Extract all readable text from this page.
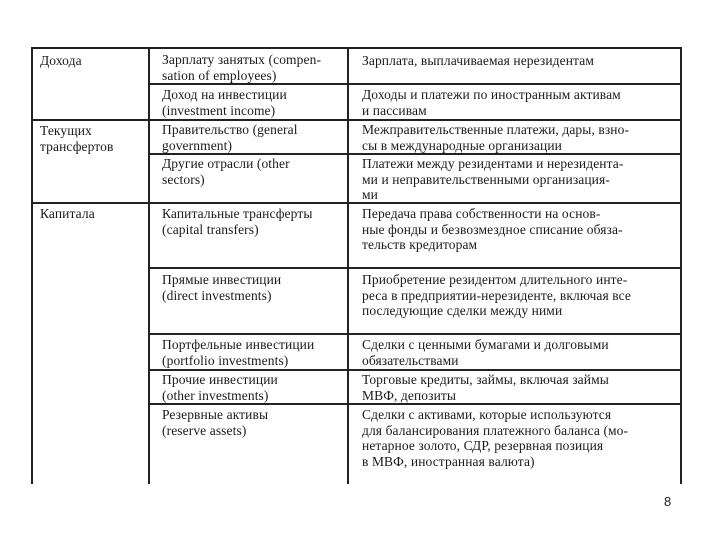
Дохода	Зарплату занятых (compen-
sation of employees)
Зарплата, выплачиваемая нерезидентам
Доход на инвестиции
(investment income)
Доходы и платежи по иностранным активам
и пассивам
Текущих
трансфертов
Правительство (general
government)
Межправительственные платежи, дары, взно-
сы в международные организации
Другие отрасли (other
sectors)
Платежи между резидентами и нерезидента-
ми и неправительственными организация-
ми
Капитала	Капитальные трансферты
(capital transfers)
Передача права собственности на основ-
ные фонды и безвозмездное списание обяза-
тельств кредиторам
Прямые инвестиции
(direct investments)
Приобретение резидентом длительного инте-
реса в предприятии-нерезиденте, включая все
последующие сделки между ними
Портфельные инвестиции
(portfolio investments)
Сделки с ценными бумагами и долговыми
обязательствами
Прочие инвестиции
(other investments)
Торговые кредиты, займы, включая займы
МВФ, депозиты
Резервные активы
(reserve assets)
Сделки с активами, которые используются
для балансирования платежного баланса (мо-
нетарное золото, СДР, резервная позиция
в МВФ, иностранная валюта)
8
